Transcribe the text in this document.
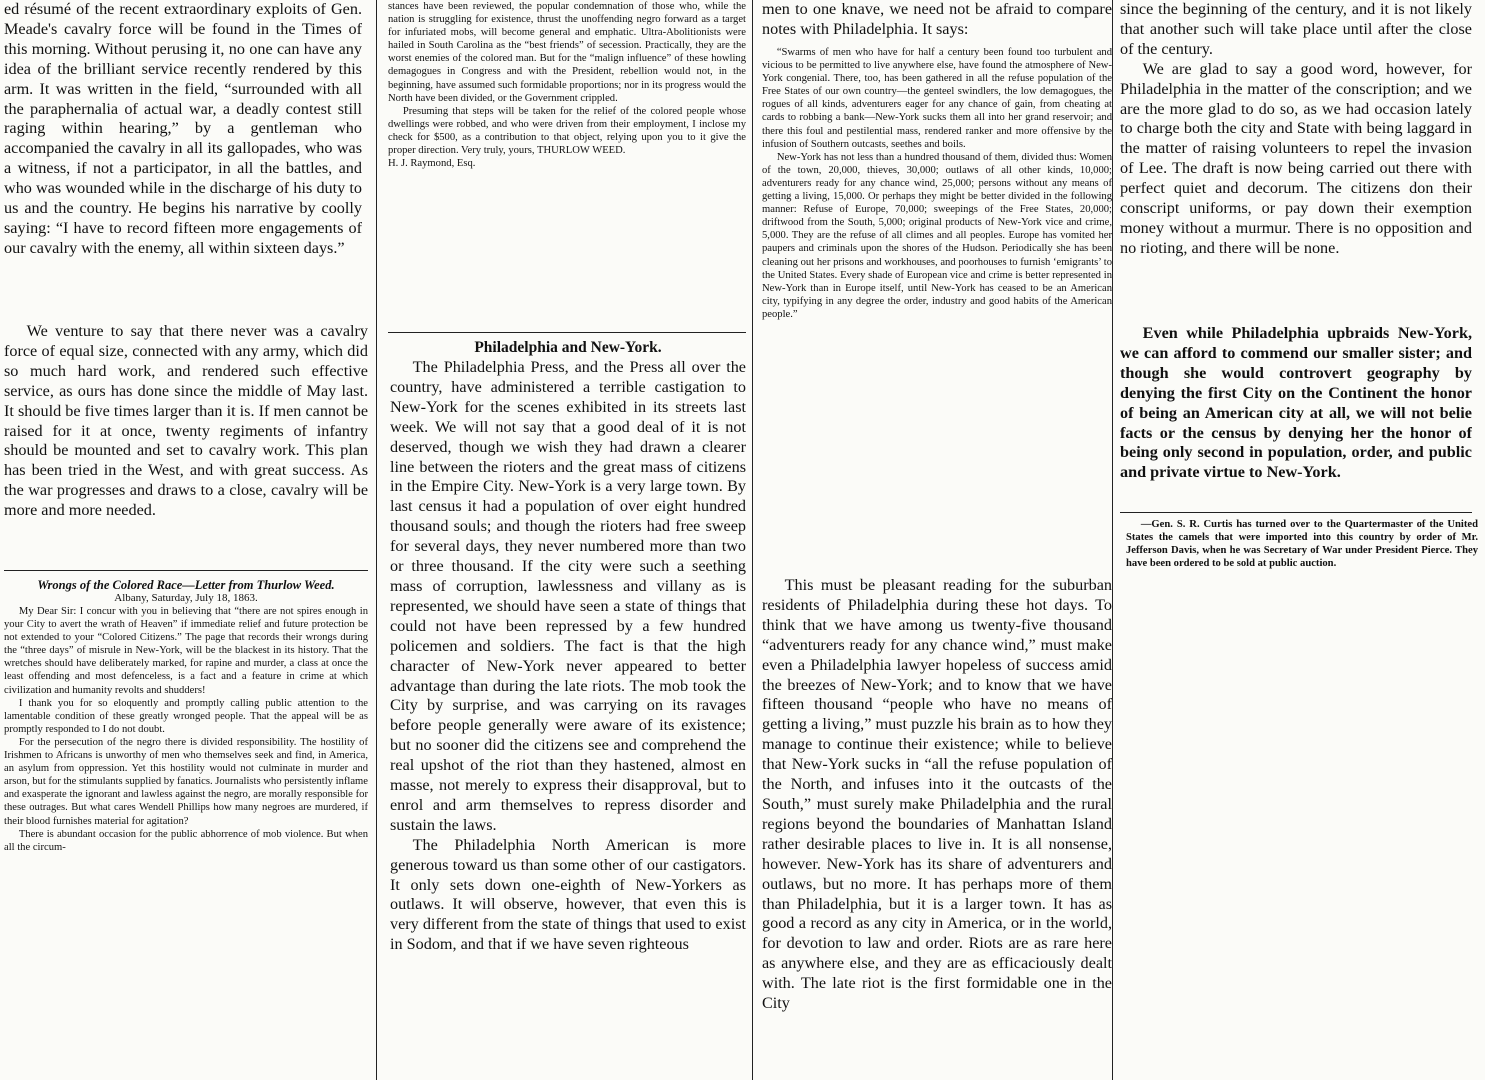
ed résumé of the recent extraordinary exploits of Gen. Meade's cavalry force will be found in the Times of this morning. Without perusing it, no one can have any idea of the brilliant service recently rendered by this arm. It was written in the field, “surrounded with all the paraphernalia of actual war, a deadly contest still raging within hearing,” by a gentleman who accompanied the cavalry in all its gallopades, who was a witness, if not a participator, in all the battles, and who was wounded while in the discharge of his duty to us and the country. He begins his narrative by coolly saying: “I have to record fifteen more engagements of our cavalry with the enemy, all within sixteen days.”

We venture to say that there never was a cavalry force of equal size, connected with any army, which did so much hard work, and rendered such effective service, as ours has done since the middle of May last. It should be five times larger than it is. If men cannot be raised for it at once, twenty regiments of infantry should be mounted and set to cavalry work. This plan has been tried in the West, and with great success. As the war progresses and draws to a close, cavalry will be more and more needed.

Wrongs of the Colored Race—Letter from Thurlow Weed.
Albany, Saturday, July 18, 1863.

My Dear Sir: I concur with you in believing that “there are not spires enough in your City to avert the wrath of Heaven” if immediate relief and future protection be not extended to your “Colored Citizens.” The page that records their wrongs during the “three days” of misrule in New-York, will be the blackest in its history. That the wretches should have deliberately marked, for rapine and murder, a class at once the least offending and most defenceless, is a fact and a feature in crime at which civilization and humanity revolts and shudders!

I thank you for so eloquently and promptly calling public attention to the lamentable condition of these greatly wronged people. That the appeal will be as promptly responded to I do not doubt.

For the persecution of the negro there is divided responsibility. The hostility of Irishmen to Africans is unworthy of men who themselves seek and find, in America, an asylum from oppression. Yet this hostility would not culminate in murder and arson, but for the stimulants supplied by fanatics. Journalists who persistently inflame and exasperate the ignorant and lawless against the negro, are morally responsible for these outrages. But what cares Wendell Phillips how many negroes are murdered, if their blood furnishes material for agitation?

There is abundant occasion for the public abhorrence of mob violence. But when all the circum-

stances have been reviewed, the popular condemnation of those who, while the nation is struggling for existence, thrust the unoffending negro forward as a target for infuriated mobs, will become general and emphatic. Ultra-Abolitionists were hailed in South Carolina as the “best friends” of secession. Practically, they are the worst enemies of the colored man. But for the “malign influence” of these howling demagogues in Congress and with the President, rebellion would not, in the beginning, have assumed such formidable proportions; nor in its progress would the North have been divided, or the Government crippled.

Presuming that steps will be taken for the relief of the colored people whose dwellings were robbed, and who were driven from their employment, I inclose my check for $500, as a contribution to that object, relying upon you to it give the proper direction. Very truly, yours, THURLOW WEED.

H. J. Raymond, Esq.
Philadelphia and New-York.

The Philadelphia Press, and the Press all over the country, have administered a terrible castigation to New-York for the scenes exhibited in its streets last week. We will not say that a good deal of it is not deserved, though we wish they had drawn a clearer line between the rioters and the great mass of citizens in the Empire City. New-York is a very large town. By last census it had a population of over eight hundred thousand souls; and though the rioters had free sweep for several days, they never numbered more than two or three thousand. If the city were such a seething mass of corruption, lawlessness and villany as is represented, we should have seen a state of things that could not have been repressed by a few hundred policemen and soldiers. The fact is that the high character of New-York never appeared to better advantage than during the late riots. The mob took the City by surprise, and was carrying on its ravages before people generally were aware of its existence; but no sooner did the citizens see and comprehend the real upshot of the riot than they hastened, almost en masse, not merely to express their disapproval, but to enrol and arm themselves to repress disorder and sustain the laws.

The Philadelphia North American is more generous toward us than some other of our castigators. It only sets down one-eighth of New-Yorkers as outlaws. It will observe, however, that even this is very different from the state of things that used to exist in Sodom, and that if we have seven righteous

men to one knave, we need not be afraid to compare notes with Philadelphia. It says:

“Swarms of men who have for half a century been found too turbulent and vicious to be permitted to live anywhere else, have found the atmosphere of New-York congenial. There, too, has been gathered in all the refuse population of the Free States of our own country—the genteel swindlers, the low demagogues, the rogues of all kinds, adventurers eager for any chance of gain, from cheating at cards to robbing a bank—New-York sucks them all into her grand reservoir; and there this foul and pestilential mass, rendered ranker and more offensive by the infusion of Southern outcasts, seethes and boils.

New-York has not less than a hundred thousand of them, divided thus: Women of the town, 20,000, thieves, 30,000; outlaws of all other kinds, 10,000; adventurers ready for any chance wind, 25,000; persons without any means of getting a living, 15,000. Or perhaps they might be better divided in the following manner: Refuse of Europe, 70,000; sweepings of the Free States, 20,000; driftwood from the South, 5,000; original products of New-York vice and crime, 5,000. They are the refuse of all climes and all peoples. Europe has vomited her paupers and criminals upon the shores of the Hudson. Periodically she has been cleaning out her prisons and workhouses, and poorhouses to furnish ‘emigrants’ to the United States. Every shade of European vice and crime is better represented in New-York than in Europe itself, until New-York has ceased to be an American city, typifying in any degree the order, industry and good habits of the American people.”

This must be pleasant reading for the suburban residents of Philadelphia during these hot days. To think that we have among us twenty-five thousand “adventurers ready for any chance wind,” must make even a Philadelphia lawyer hopeless of success amid the breezes of New-York; and to know that we have fifteen thousand “people who have no means of getting a living,” must puzzle his brain as to how they manage to continue their existence; while to believe that New-York sucks in “all the refuse population of the North, and infuses into it the outcasts of the South,” must surely make Philadelphia and the rural regions beyond the boundaries of Manhattan Island rather desirable places to live in. It is all nonsense, however. New-York has its share of adventurers and outlaws, but no more. It has perhaps more of them than Philadelphia, but it is a larger town. It has as good a record as any city in America, or in the world, for devotion to law and order. Riots are as rare here as anywhere else, and they are as efficaciously dealt with. The late riot is the first formidable one in the City

since the beginning of the century, and it is not likely that another such will take place until after the close of the century.

We are glad to say a good word, however, for Philadelphia in the matter of the conscription; and we are the more glad to do so, as we had occasion lately to charge both the city and State with being laggard in the matter of raising volunteers to repel the invasion of Lee. The draft is now being carried out there with perfect quiet and decorum. The citizens don their conscript uniforms, or pay down their exemption money without a murmur. There is no opposition and no rioting, and there will be none.

Even while Philadelphia upbraids New-York, we can afford to commend our smaller sister; and though she would controvert geography by denying the first City on the Continent the honor of being an American city at all, we will not belie facts or the census by denying her the honor of being only second in population, order, and public and private virtue to New-York.

—Gen. S. R. Curtis has turned over to the Quartermaster of the United States the camels that were imported into this country by order of Mr. Jefferson Davis, when he was Secretary of War under President Pierce. They have been ordered to be sold at public auction.
